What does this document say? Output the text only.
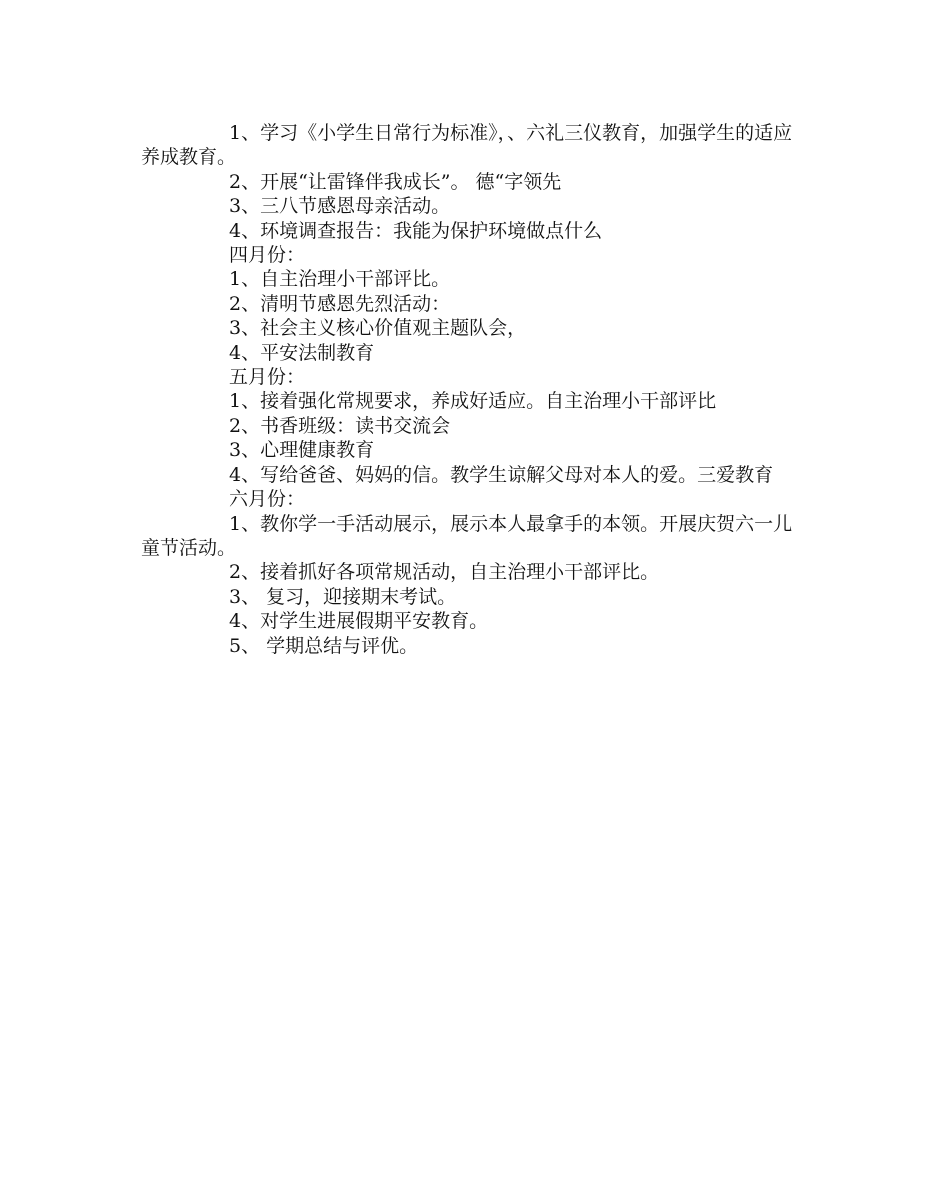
1、学习《小学生日常行为标准》，、六礼三仪教育，加强学生的适应养成教育。

2、开展“让雷锋伴我成长”。 德“字领先

3、三八节感恩母亲活动。

4、环境调查报告：我能为保护环境做点什么

四月份：

1、自主治理小干部评比。

2、清明节感恩先烈活动：

3、社会主义核心价值观主题队会，

4、平安法制教育

五月份：

1、接着强化常规要求，养成好适应。自主治理小干部评比

2、书香班级：读书交流会

3、心理健康教育

4、写给爸爸、妈妈的信。教学生谅解父母对本人的爱。三爱教育

六月份：

1、教你学一手活动展示，展示本人最拿手的本领。开展庆贺六一儿童节活动。

2、接着抓好各项常规活动，自主治理小干部评比。

3、 复习，迎接期末考试。

4、对学生进展假期平安教育。

5、 学期总结与评优。
